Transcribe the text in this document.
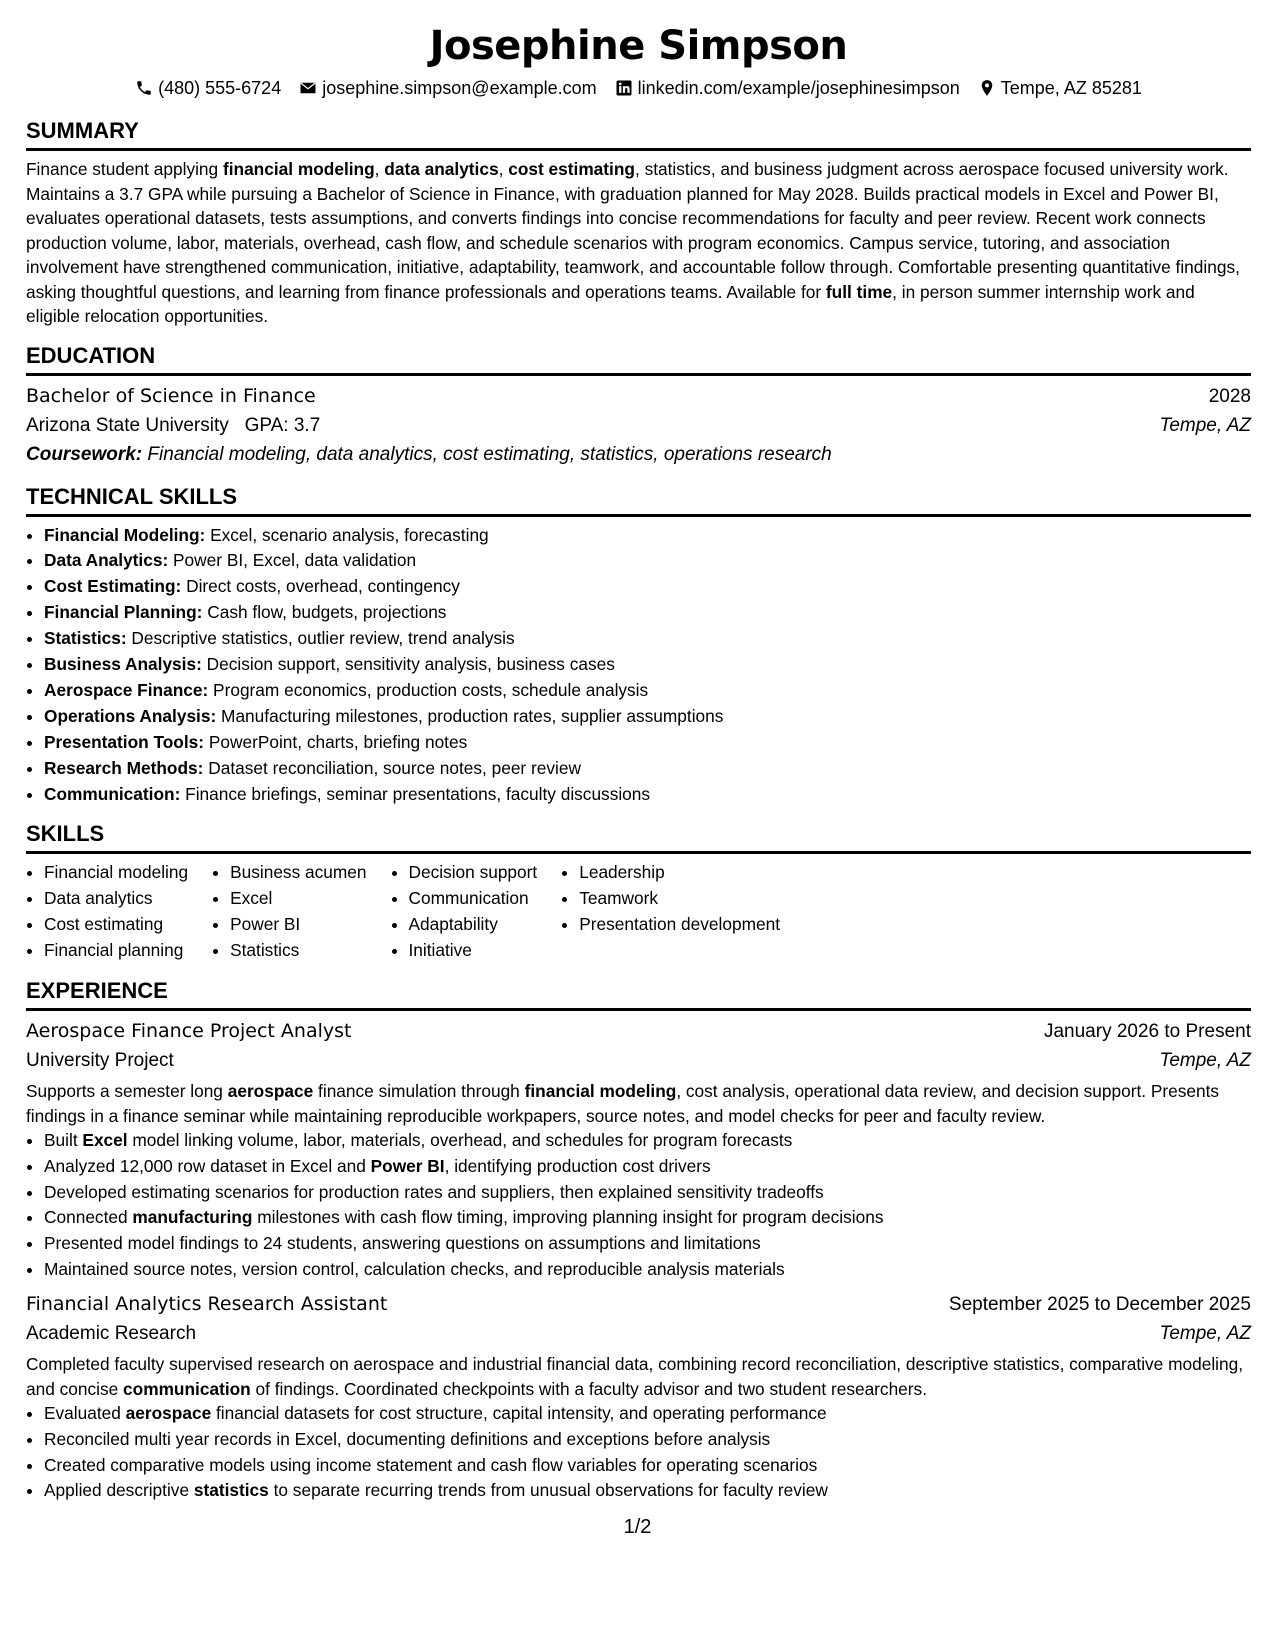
Josephine Simpson
(480) 555-6724 josephine.simpson@example.com linkedin.com/example/josephinesimpson Tempe, AZ 85281
SUMMARY

Finance student applying financial modeling, data analytics, cost estimating, statistics, and business judgment across aerospace focused university work. Maintains a 3.7 GPA while pursuing a Bachelor of Science in Finance, with graduation planned for May 2028. Builds practical models in Excel and Power BI, evaluates operational datasets, tests assumptions, and converts findings into concise recommendations for faculty and peer review. Recent work connects production volume, labor, materials, overhead, cash flow, and schedule scenarios with program economics. Campus service, tutoring, and association involvement have strengthened communication, initiative, adaptability, teamwork, and accountable follow through. Comfortable presenting quantitative findings, asking thoughtful questions, and learning from finance professionals and operations teams. Available for full time, in person summer internship work and eligible relocation opportunities.

EDUCATION
Bachelor of Science in Finance	2028
Arizona State University GPA: 3.7	Tempe, AZ
Coursework: Financial modeling, data analytics, cost estimating, statistics, operations research
TECHNICAL SKILLS
• Financial Modeling: Excel, scenario analysis, forecasting
• Data Analytics: Power BI, Excel, data validation
• Cost Estimating: Direct costs, overhead, contingency
• Financial Planning: Cash flow, budgets, projections
• Statistics: Descriptive statistics, outlier review, trend analysis
• Business Analysis: Decision support, sensitivity analysis, business cases
• Aerospace Finance: Program economics, production costs, schedule analysis
• Operations Analysis: Manufacturing milestones, production rates, supplier assumptions
• Presentation Tools: PowerPoint, charts, briefing notes
• Research Methods: Dataset reconciliation, source notes, peer review
• Communication: Finance briefings, seminar presentations, faculty discussions
SKILLS
• Financial modeling
• Data analytics
• Cost estimating
• Financial planning
• Business acumen
• Excel
• Power BI
• Statistics
• Decision support
• Communication
• Adaptability
• Initiative
• Leadership
• Teamwork
• Presentation development
EXPERIENCE
Aerospace Finance Project Analyst	January 2026 to Present
University Project	Tempe, AZ

Supports a semester long aerospace finance simulation through financial modeling, cost analysis, operational data review, and decision support. Presents findings in a finance seminar while maintaining reproducible workpapers, source notes, and model checks for peer and faculty review.

• Built Excel model linking volume, labor, materials, overhead, and schedules for program forecasts
• Analyzed 12,000 row dataset in Excel and Power BI, identifying production cost drivers
• Developed estimating scenarios for production rates and suppliers, then explained sensitivity tradeoffs
• Connected manufacturing milestones with cash flow timing, improving planning insight for program decisions
• Presented model findings to 24 students, answering questions on assumptions and limitations
• Maintained source notes, version control, calculation checks, and reproducible analysis materials
Financial Analytics Research Assistant	September 2025 to December 2025
Academic Research	Tempe, AZ

Completed faculty supervised research on aerospace and industrial financial data, combining record reconciliation, descriptive statistics, comparative modeling, and concise communication of findings. Coordinated checkpoints with a faculty advisor and two student researchers.

• Evaluated aerospace financial datasets for cost structure, capital intensity, and operating performance
• Reconciled multi year records in Excel, documenting definitions and exceptions before analysis
• Created comparative models using income statement and cash flow variables for operating scenarios
• Applied descriptive statistics to separate recurring trends from unusual observations for faculty review
1/2
